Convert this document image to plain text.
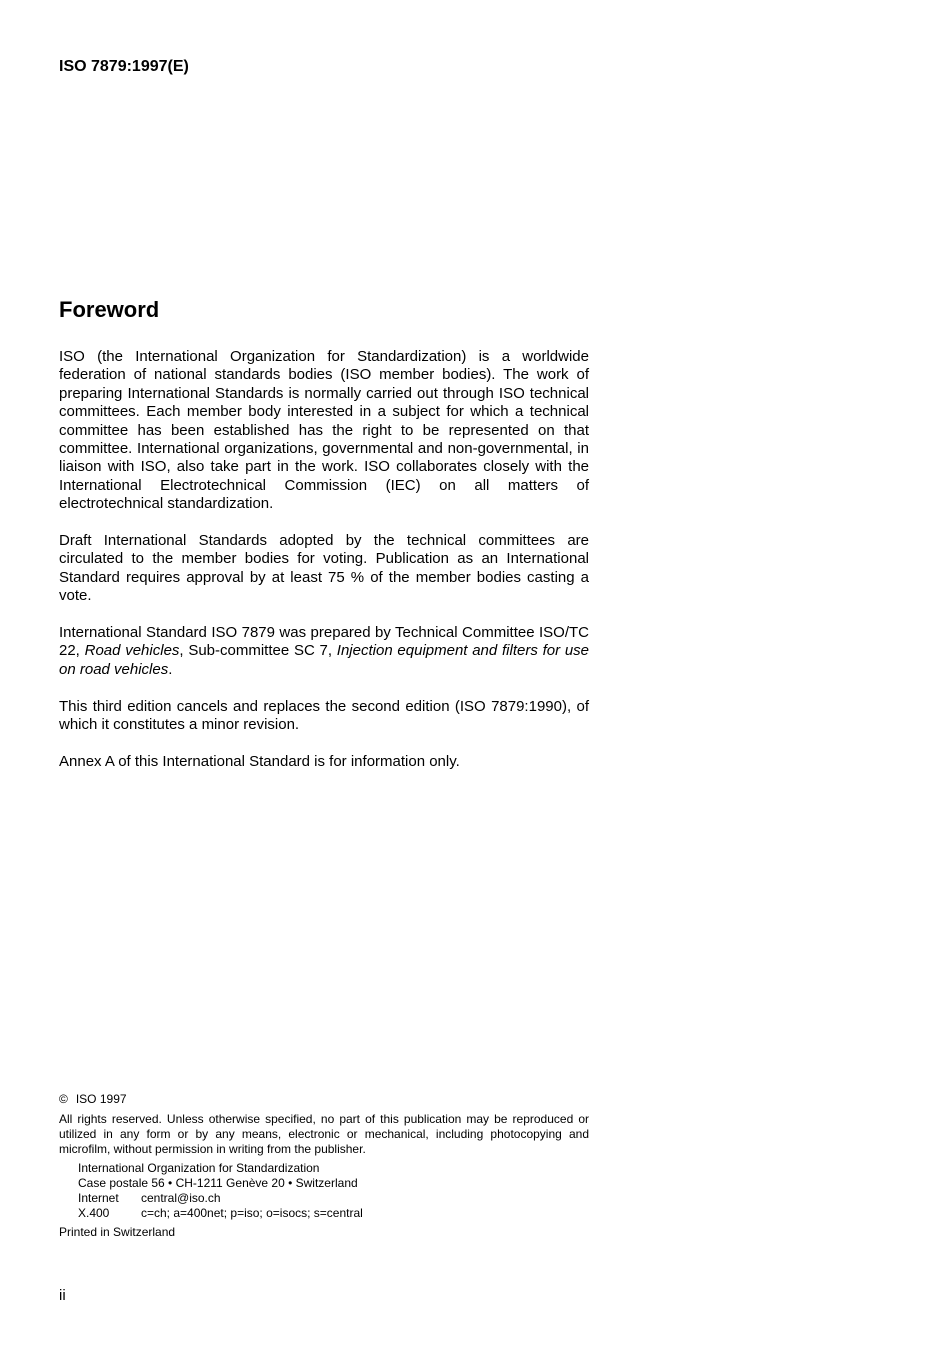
ISO 7879:1997(E)

Foreword

ISO (the International Organization for Standardization) is a worldwide federation of national standards bodies (ISO member bodies). The work of preparing International Standards is normally carried out through ISO technical committees. Each member body interested in a subject for which a technical committee has been established has the right to be represented on that committee. International organizations, governmental and non-governmental, in liaison with ISO, also take part in the work. ISO collaborates closely with the International Electrotechnical Commission (IEC) on all matters of electrotechnical standardization.

Draft International Standards adopted by the technical committees are circulated to the member bodies for voting. Publication as an International Standard requires approval by at least 75 % of the member bodies casting a vote.

International Standard ISO 7879 was prepared by Technical Committee ISO/TC 22, Road vehicles, Sub-committee SC 7, Injection equipment and filters for use on road vehicles.

This third edition cancels and replaces the second edition (ISO 7879:1990), of which it constitutes a minor revision.

Annex A of this International Standard is for information only.

© ISO 1997

All rights reserved. Unless otherwise specified, no part of this publication may be reproduced or utilized in any form or by any means, electronic or mechanical, including photocopying and microfilm, without permission in writing from the publisher.

International Organization for Standardization
Case postale 56 • CH-1211 Genève 20 • Switzerland
Internet central@iso.ch
X.400	c=ch; a=400net; p=iso; o=isocs; s=central

Printed in Switzerland

ii
